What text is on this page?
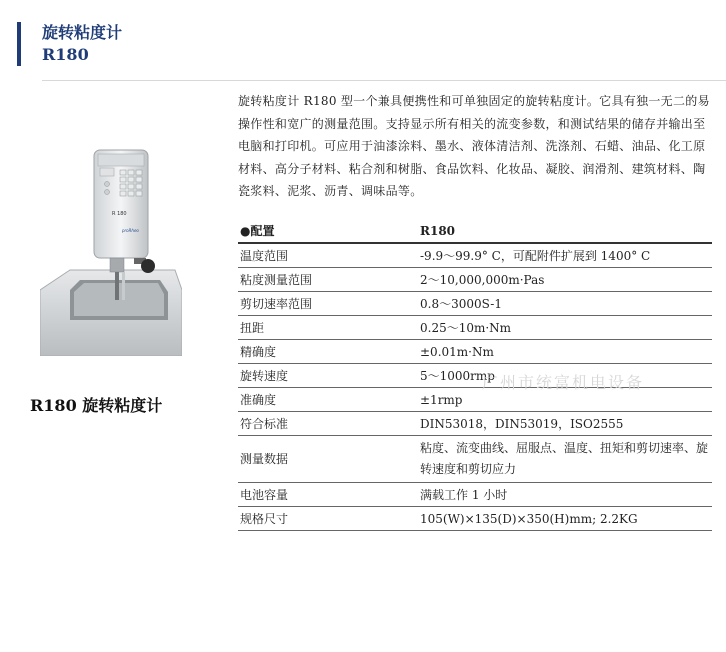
旋转粘度计
R180
R 180
proRheo
R180 旋转粘度计
旋转粘度计 R180 型一个兼具便携性和可单独固定的旋转粘度计。它具有独一无二的易操作性和宽广的测量范围。支持显示所有相关的流变参数，和测试结果的储存并输出至电脑和打印机。可应用于油漆涂料、墨水、液体清洁剂、洗涤剂、石蜡、油品、化工原材料、高分子材料、粘合剂和树脂、食品饮料、化妆品、凝胶、润滑剂、建筑材料、陶瓷浆料、泥浆、沥青、调味品等。
●配置	R180
温度范围	-9.9～99.9° C，可配附件扩展到 1400° C
粘度测量范围	2～10,000,000m·Pas
剪切速率范围	0.8～3000S-1
扭距	0.25～10m·Nm
精确度	±0.01m·Nm
旋转速度	5～1000rmp
准确度	±1rmp
符合标准	DIN53018，DIN53019，ISO2555
测量数据	粘度、流变曲线、屈服点、温度、扭矩和剪切速率、旋转速度和剪切应力
电池容量	满载工作 1 小时
规格尺寸	105(W)×135(D)×350(H)mm; 2.2KG
广州市统富机电设备
